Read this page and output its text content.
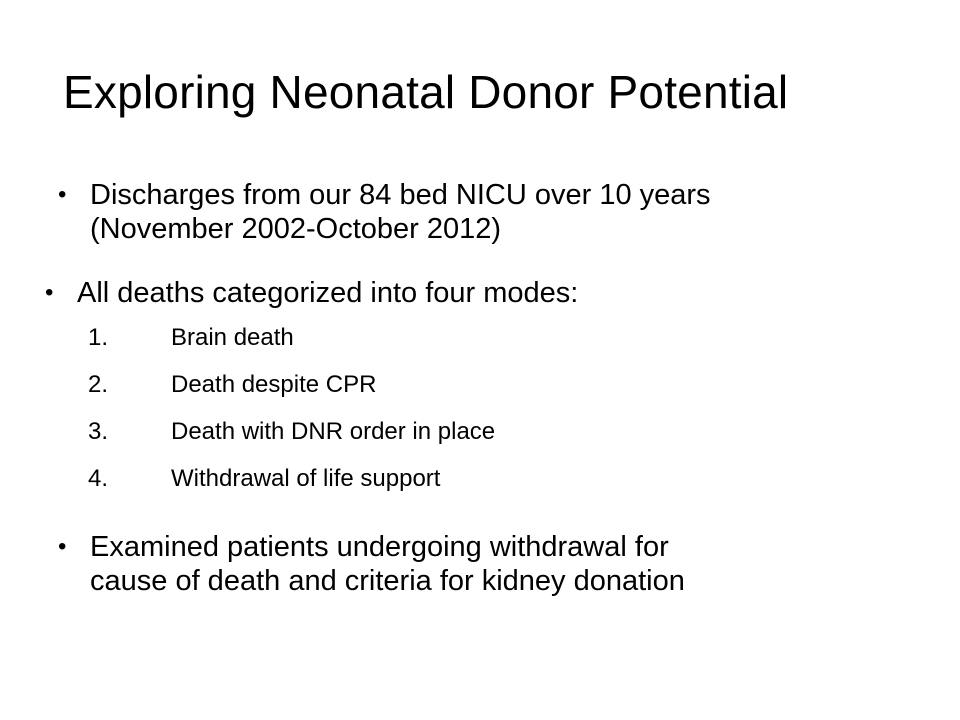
Exploring Neonatal Donor Potential
• Discharges from our 84 bed NICU over 10 years
(November 2002-October 2012)
• All deaths categorized into four modes:
1.	Brain death
2.	Death despite CPR
3.	Death with DNR order in place
4.	Withdrawal of life support
• Examined patients undergoing withdrawal for
cause of death and criteria for kidney donation
